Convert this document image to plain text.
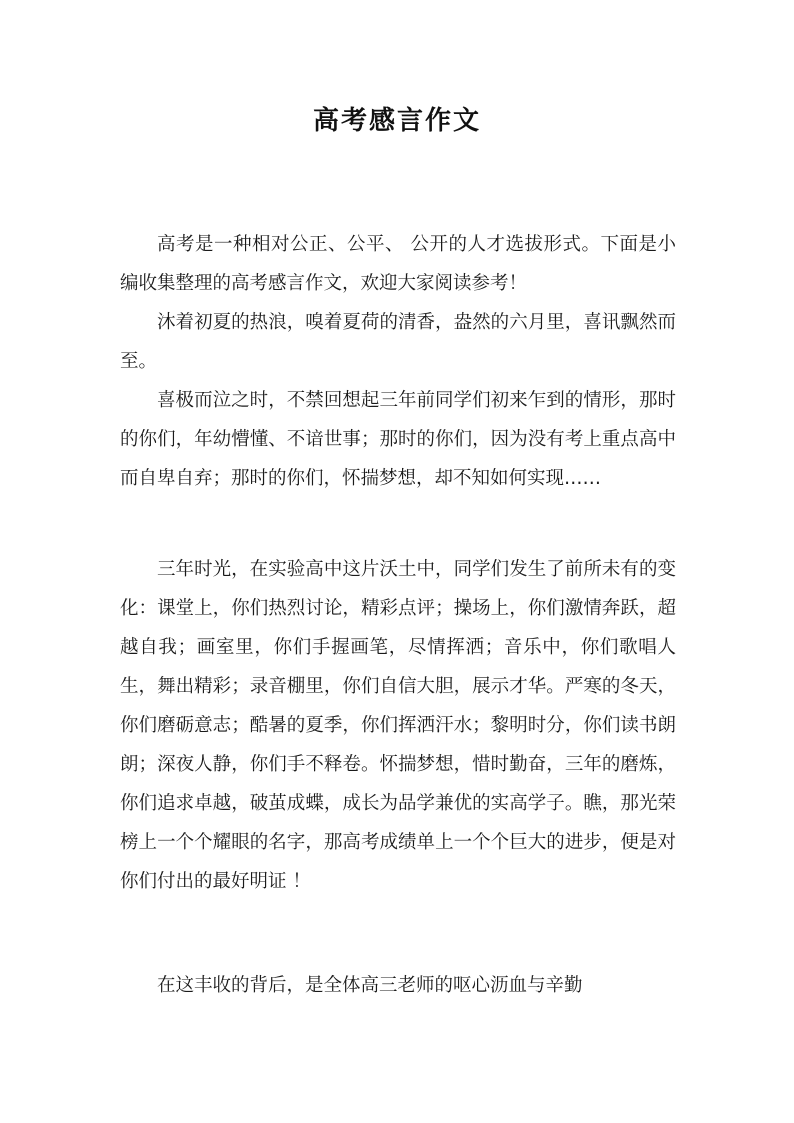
高考感言作文

高考是一种相对公正、公平、 公开的人才选拔形式。下面是小编收集整理的高考感言作文，欢迎大家阅读参考！

沐着初夏的热浪，嗅着夏荷的清香，盎然的六月里，喜讯飘然而至。

喜极而泣之时，不禁回想起三年前同学们初来乍到的情形，那时的你们，年幼懵懂、不谙世事；那时的你们，因为没有考上重点高中而自卑自弃；那时的你们，怀揣梦想，却不知如何实现……

三年时光，在实验高中这片沃土中，同学们发生了前所未有的变化：课堂上，你们热烈讨论，精彩点评；操场上，你们激情奔跃，超越自我；画室里，你们手握画笔，尽情挥洒；音乐中，你们歌唱人生，舞出精彩；录音棚里，你们自信大胆，展示才华。严寒的冬天，你们磨砺意志；酷暑的夏季，你们挥洒汗水；黎明时分，你们读书朗朗；深夜人静，你们手不释卷。怀揣梦想，惜时勤奋，三年的磨炼，你们追求卓越，破茧成蝶，成长为品学兼优的实高学子。瞧，那光荣榜上一个个耀眼的名字，那高考成绩单上一个个巨大的进步，便是对你们付出的最好明证 ！

在这丰收的背后，是全体高三老师的呕心沥血与辛勤
